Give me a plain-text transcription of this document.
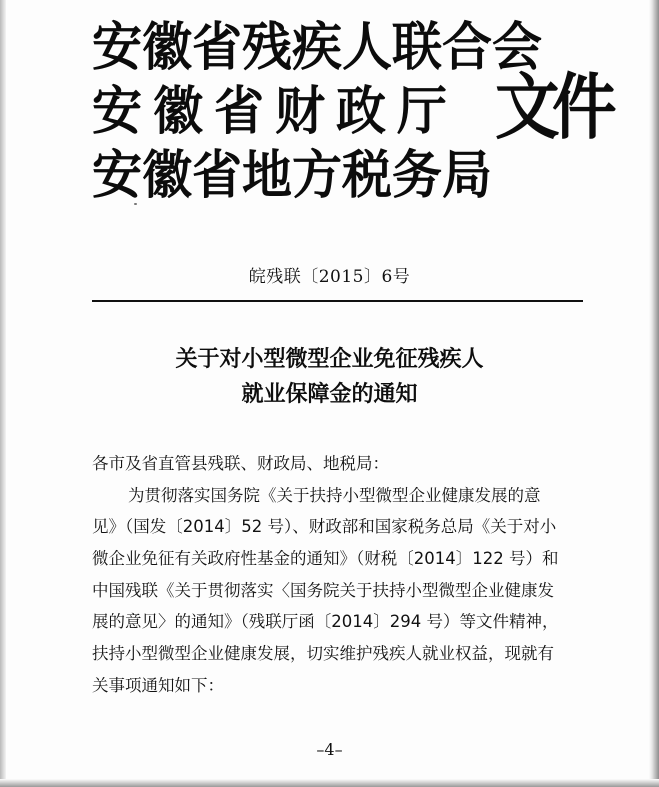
安徽省残疾人联合会
安徽省财政厅
安徽省地方税务局
文件
皖残联〔2015〕6号
关于对小型微型企业免征残疾人
就业保障金的通知
各市及省直管县残联、财政局、地税局：
为贯彻落实国务院《关于扶持小型微型企业健康发展的意
见》（国发〔2014〕52 号）、财政部和国家税务总局《关于对小
微企业免征有关政府性基金的通知》（财税〔2014〕122 号）和
中国残联《关于贯彻落实〈国务院关于扶持小型微型企业健康发
展的意见〉的通知》（残联厅函〔2014〕294 号）等文件精神，
扶持小型微型企业健康发展，切实维护残疾人就业权益，现就有
关事项通知如下：
–4–
